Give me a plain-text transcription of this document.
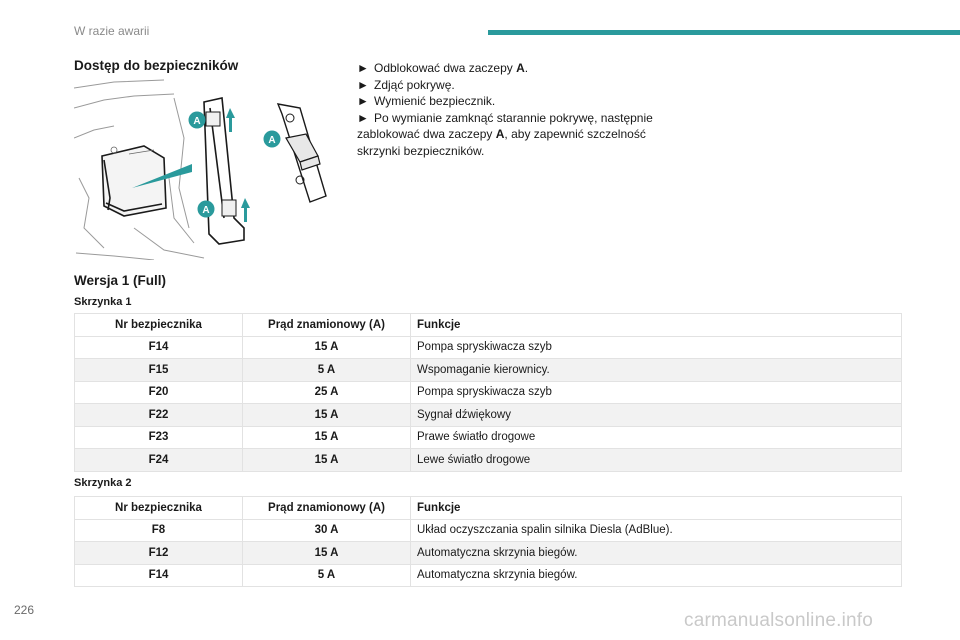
W razie awarii
Dostęp do bezpieczników
A
A
A
► Odblokować dwa zaczepy A.
► Zdjąć pokrywę.
► Wymienić bezpiecznik.
► Po wymianie zamknąć starannie pokrywę, następnie zablokować dwa zaczepy A, aby zapewnić szczelność skrzynki bezpieczników.
Wersja 1 (Full)
Skrzynka 1
Nr bezpiecznika	Prąd znamionowy (A)	Funkcje
F14	15 A	Pompa spryskiwacza szyb
F15	5 A	Wspomaganie kierownicy.
F20	25 A	Pompa spryskiwacza szyb
F22	15 A	Sygnał dźwiękowy
F23	15 A	Prawe światło drogowe
F24	15 A	Lewe światło drogowe
Skrzynka 2
Nr bezpiecznika	Prąd znamionowy (A)	Funkcje
F8	30 A	Układ oczyszczania spalin silnika Diesla (AdBlue).
F12	15 A	Automatyczna skrzynia biegów.
F14	5 A	Automatyczna skrzynia biegów.
226	carmanualsonline.info
